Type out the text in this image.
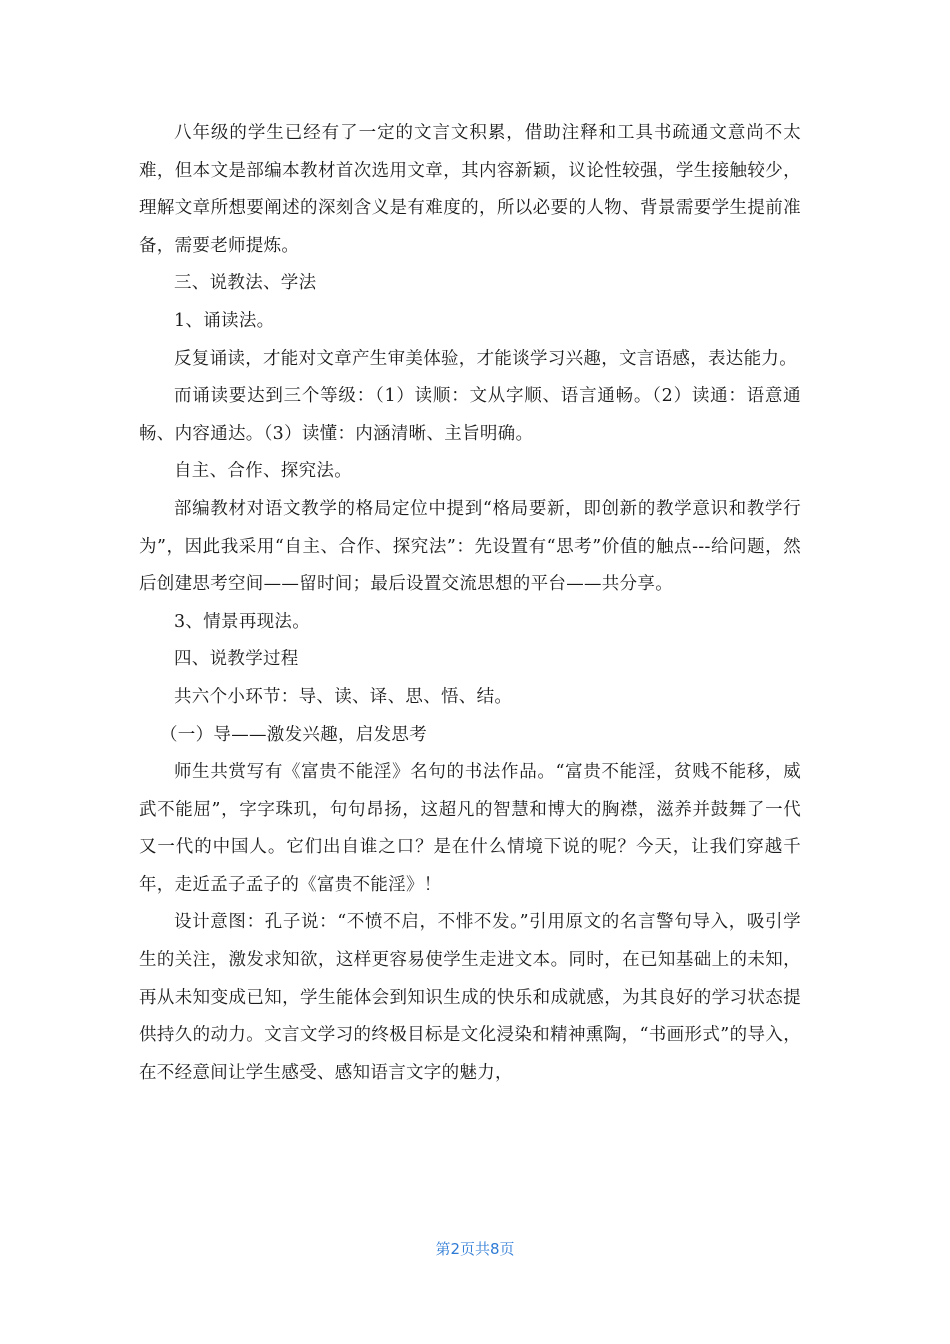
八年级的学生已经有了一定的文言文积累，借助注释和工具书疏通文意尚不太难，但本文是部编本教材首次选用文章，其内容新颖，议论性较强，学生接触较少，理解文章所想要阐述的深刻含义是有难度的，所以必要的人物、背景需要学生提前准备，需要老师提炼。

三、说教法、学法

1、诵读法。

反复诵读，才能对文章产生审美体验，才能谈学习兴趣，文言语感，表达能力。

而诵读要达到三个等级：（1）读顺：文从字顺、语言通畅。（2）读通：语意通畅、内容通达。（3）读懂：内涵清晰、主旨明确。

自主、合作、探究法。

部编教材对语文教学的格局定位中提到“格局要新，即创新的教学意识和教学行为”，因此我采用“自主、合作、探究法”：先设置有“思考”价值的触点---给问题，然后创建思考空间——留时间；最后设置交流思想的平台——共分享。

3、情景再现法。

四、说教学过程

共六个小环节：导、读、译、思、悟、结。

（一）导——激发兴趣，启发思考

师生共赏写有《富贵不能淫》名句的书法作品。“富贵不能淫，贫贱不能移，威武不能屈”，字字珠玑，句句昂扬，这超凡的智慧和博大的胸襟，滋养并鼓舞了一代又一代的中国人。它们出自谁之口？是在什么情境下说的呢？今天，让我们穿越千年，走近孟子孟子的《富贵不能淫》！

设计意图：孔子说：“不愤不启，不悱不发。”引用原文的名言警句导入，吸引学生的关注，激发求知欲，这样更容易使学生走进文本。同时，在已知基础上的未知，再从未知变成已知，学生能体会到知识生成的快乐和成就感，为其良好的学习状态提供持久的动力。文言文学习的终极目标是文化浸染和精神熏陶，“书画形式”的导入，在不经意间让学生感受、感知语言文字的魅力，

第2页共8页
